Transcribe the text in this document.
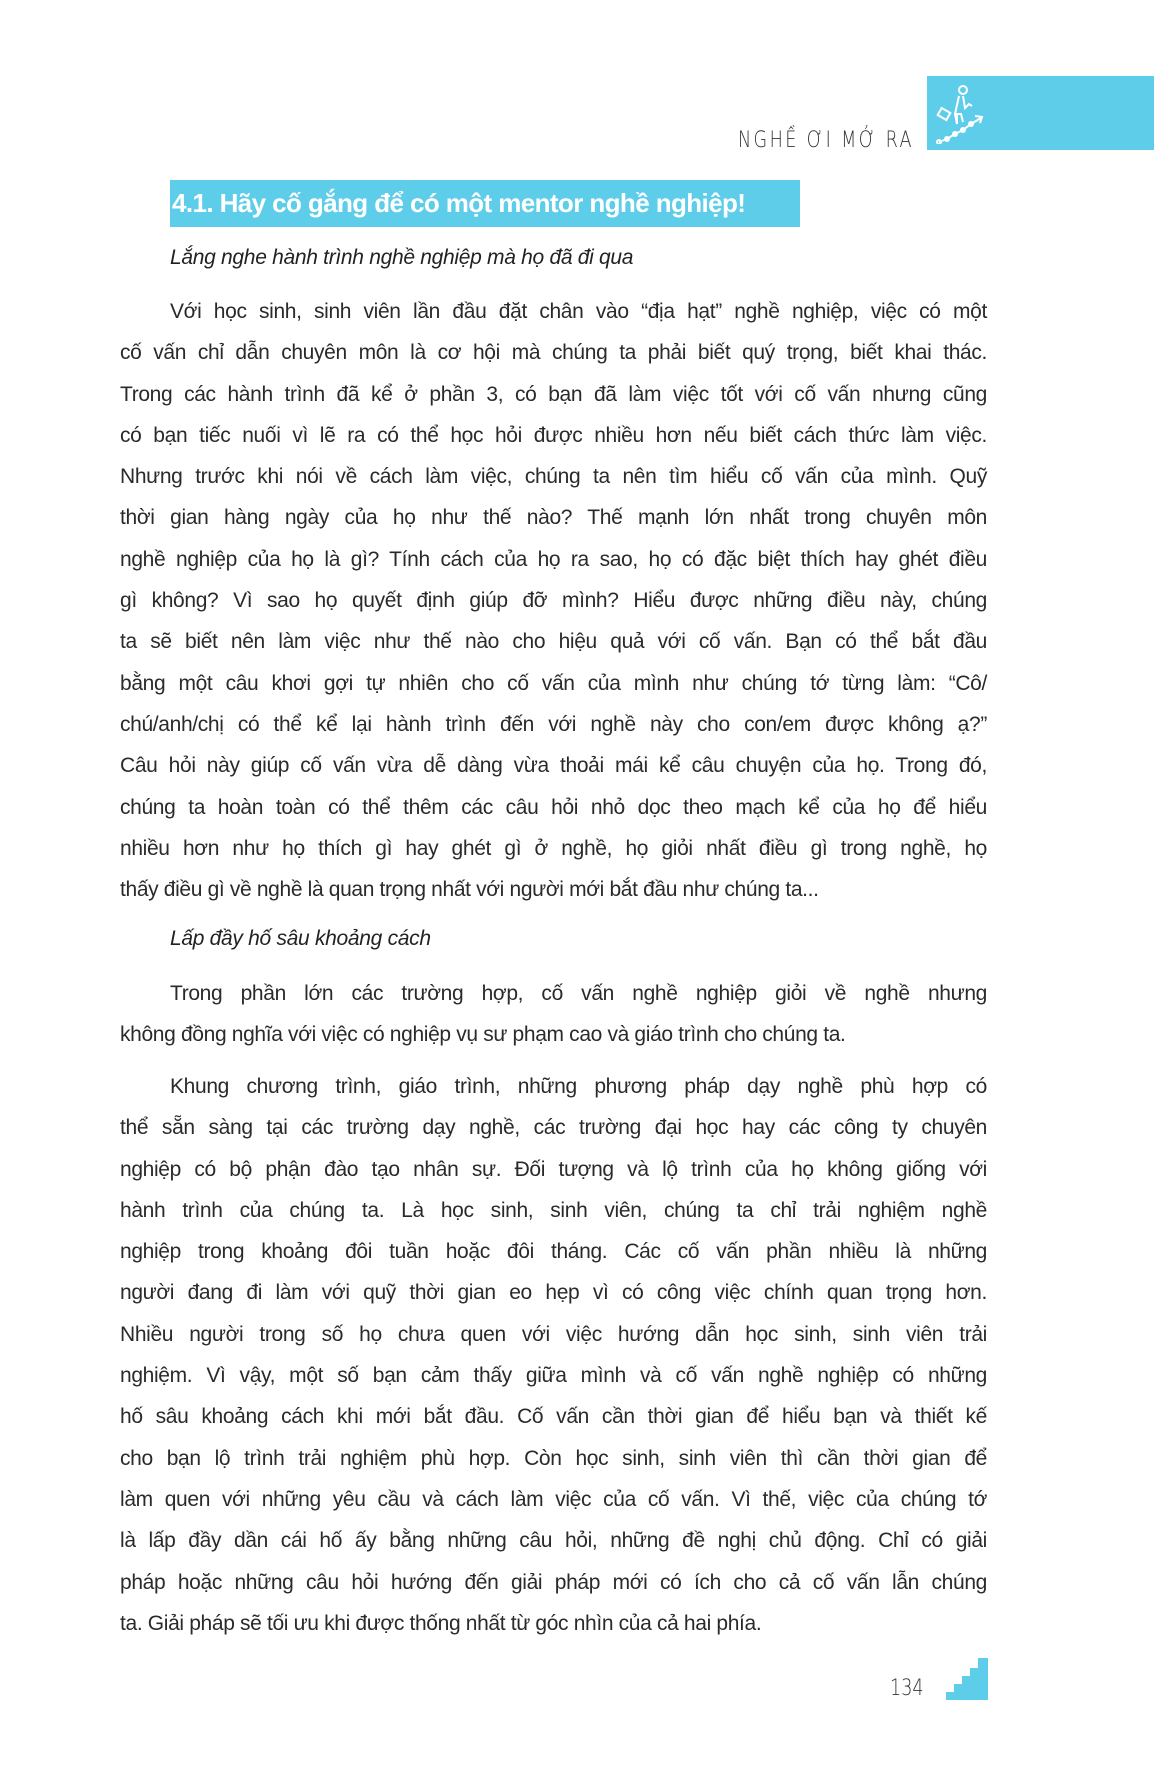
NGHỀ ƠI MỞ RA
4.1. Hãy cố gắng để có một mentor nghề nghiệp!
Lắng nghe hành trình nghề nghiệp mà họ đã đi qua
Với học sinh, sinh viên lần đầu đặt chân vào “địa hạt” nghề nghiệp, việc có một
cố vấn chỉ dẫn chuyên môn là cơ hội mà chúng ta phải biết quý trọng, biết khai thác.
Trong các hành trình đã kể ở phần 3, có bạn đã làm việc tốt với cố vấn nhưng cũng
có bạn tiếc nuối vì lẽ ra có thể học hỏi được nhiều hơn nếu biết cách thức làm việc.
Nhưng trước khi nói về cách làm việc, chúng ta nên tìm hiểu cố vấn của mình. Quỹ
thời gian hàng ngày của họ như thế nào? Thế mạnh lớn nhất trong chuyên môn
nghề nghiệp của họ là gì? Tính cách của họ ra sao, họ có đặc biệt thích hay ghét điều
gì không? Vì sao họ quyết định giúp đỡ mình? Hiểu được những điều này, chúng
ta sẽ biết nên làm việc như thế nào cho hiệu quả với cố vấn. Bạn có thể bắt đầu
bằng một câu khơi gợi tự nhiên cho cố vấn của mình như chúng tớ từng làm: “Cô/
chú/anh/chị có thể kể lại hành trình đến với nghề này cho con/em được không ạ?”
Câu hỏi này giúp cố vấn vừa dễ dàng vừa thoải mái kể câu chuyện của họ. Trong đó,
chúng ta hoàn toàn có thể thêm các câu hỏi nhỏ dọc theo mạch kể của họ để hiểu
nhiều hơn như họ thích gì hay ghét gì ở nghề, họ giỏi nhất điều gì trong nghề, họ
thấy điều gì về nghề là quan trọng nhất với người mới bắt đầu như chúng ta...
Lấp đầy hố sâu khoảng cách
Trong phần lớn các trường hợp, cố vấn nghề nghiệp giỏi về nghề nhưng
không đồng nghĩa với việc có nghiệp vụ sư phạm cao và giáo trình cho chúng ta.
Khung chương trình, giáo trình, những phương pháp dạy nghề phù hợp có
thể sẵn sàng tại các trường dạy nghề, các trường đại học hay các công ty chuyên
nghiệp có bộ phận đào tạo nhân sự. Đối tượng và lộ trình của họ không giống với
hành trình của chúng ta. Là học sinh, sinh viên, chúng ta chỉ trải nghiệm nghề
nghiệp trong khoảng đôi tuần hoặc đôi tháng. Các cố vấn phần nhiều là những
người đang đi làm với quỹ thời gian eo hẹp vì có công việc chính quan trọng hơn.
Nhiều người trong số họ chưa quen với việc hướng dẫn học sinh, sinh viên trải
nghiệm. Vì vậy, một số bạn cảm thấy giữa mình và cố vấn nghề nghiệp có những
hố sâu khoảng cách khi mới bắt đầu. Cố vấn cần thời gian để hiểu bạn và thiết kế
cho bạn lộ trình trải nghiệm phù hợp. Còn học sinh, sinh viên thì cần thời gian để
làm quen với những yêu cầu và cách làm việc của cố vấn. Vì thế, việc của chúng tớ
là lấp đầy dần cái hố ấy bằng những câu hỏi, những đề nghị chủ động. Chỉ có giải
pháp hoặc những câu hỏi hướng đến giải pháp mới có ích cho cả cố vấn lẫn chúng
ta. Giải pháp sẽ tối ưu khi được thống nhất từ góc nhìn của cả hai phía.
134
